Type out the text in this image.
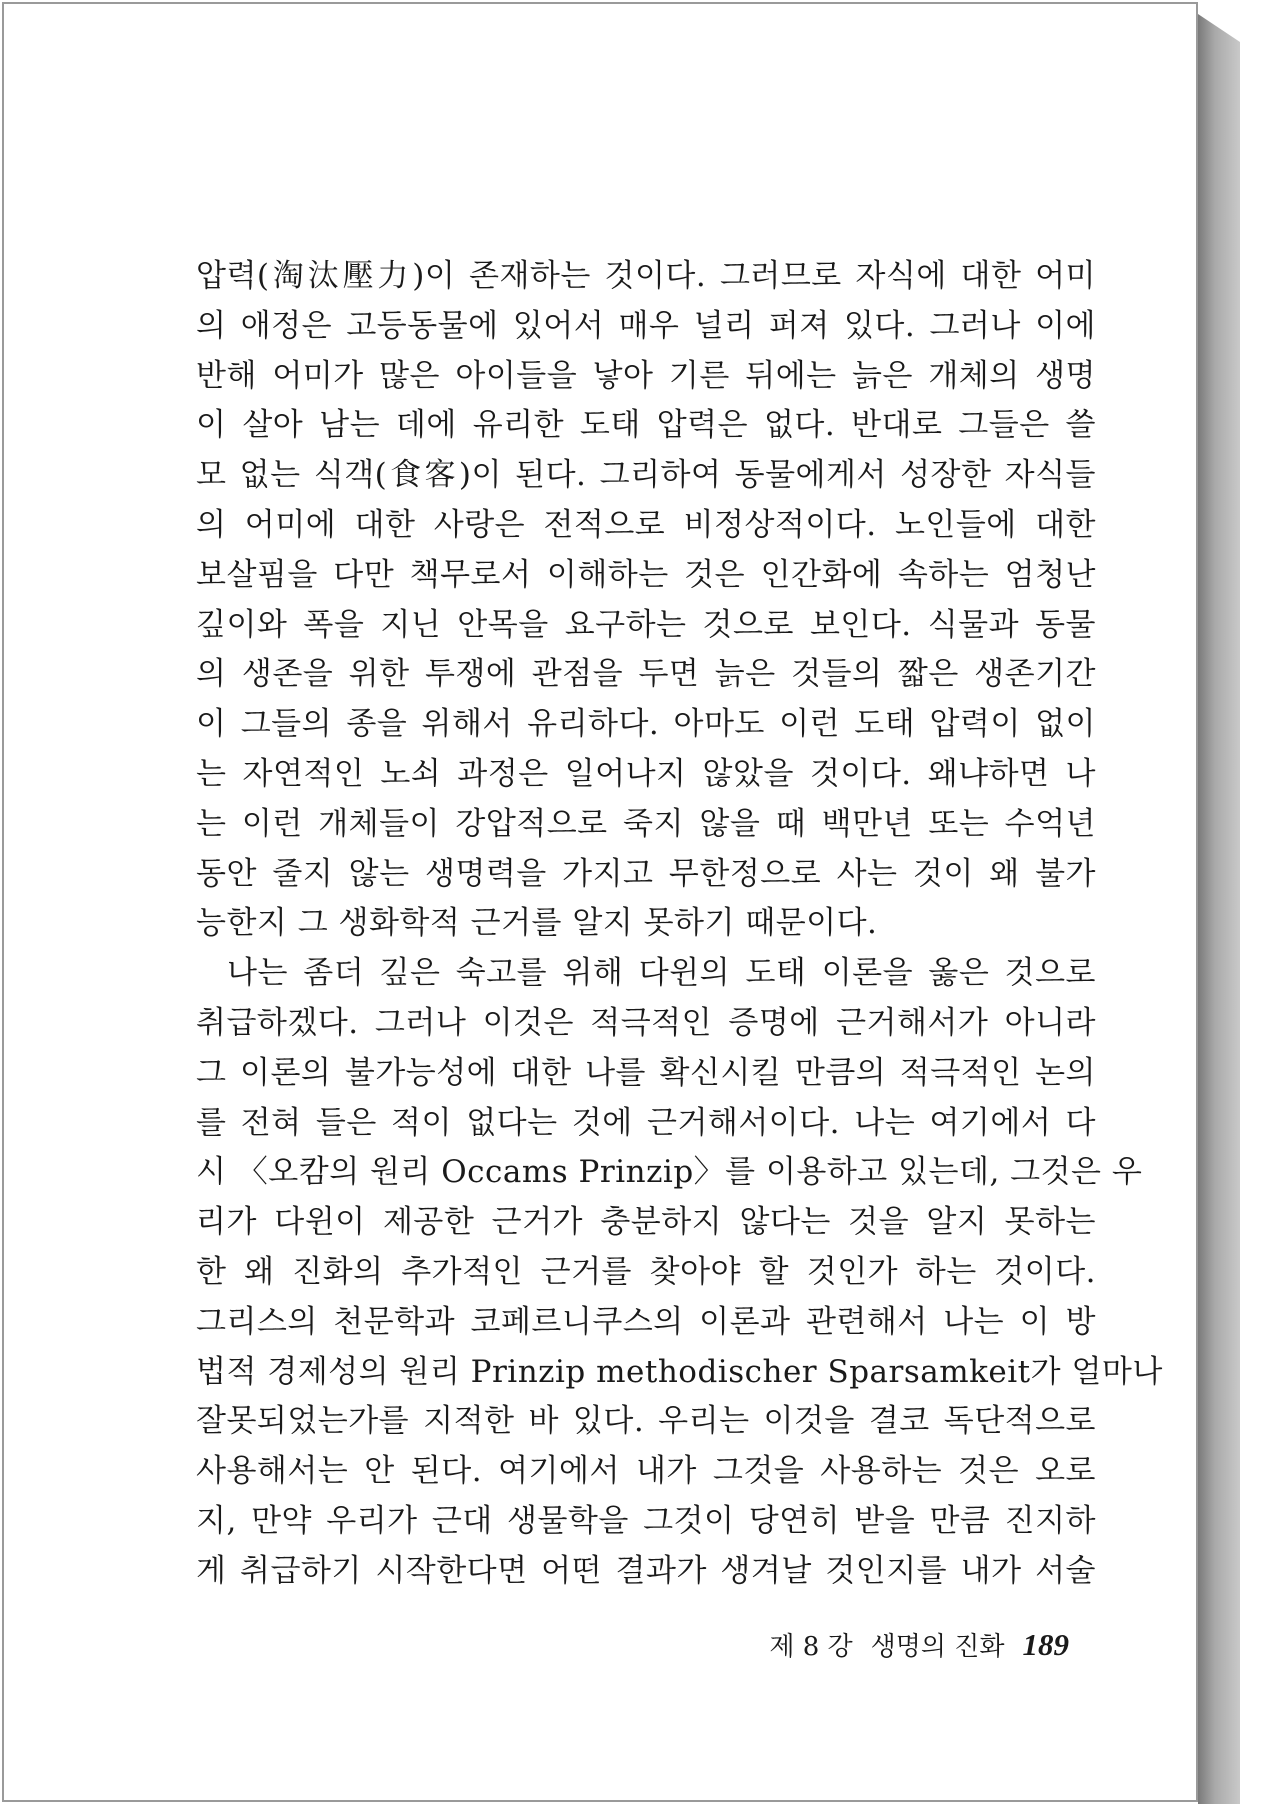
압력(淘汰壓力)이 존재하는 것이다. 그러므로 자식에 대한 어미
의 애정은 고등동물에 있어서 매우 널리 퍼져 있다. 그러나 이에
반해 어미가 많은 아이들을 낳아 기른 뒤에는 늙은 개체의 생명
이 살아 남는 데에 유리한 도태 압력은 없다. 반대로 그들은 쓸
모 없는 식객(食客)이 된다. 그리하여 동물에게서 성장한 자식들
의 어미에 대한 사랑은 전적으로 비정상적이다. 노인들에 대한
보살핌을 다만 책무로서 이해하는 것은 인간화에 속하는 엄청난
깊이와 폭을 지닌 안목을 요구하는 것으로 보인다. 식물과 동물
의 생존을 위한 투쟁에 관점을 두면 늙은 것들의 짧은 생존기간
이 그들의 종을 위해서 유리하다. 아마도 이런 도태 압력이 없이
는 자연적인 노쇠 과정은 일어나지 않았을 것이다. 왜냐하면 나
는 이런 개체들이 강압적으로 죽지 않을 때 백만년 또는 수억년
동안 줄지 않는 생명력을 가지고 무한정으로 사는 것이 왜 불가
능한지 그 생화학적 근거를 알지 못하기 때문이다.
나는 좀더 깊은 숙고를 위해 다윈의 도태 이론을 옳은 것으로
취급하겠다. 그러나 이것은 적극적인 증명에 근거해서가 아니라
그 이론의 불가능성에 대한 나를 확신시킬 만큼의 적극적인 논의
를 전혀 들은 적이 없다는 것에 근거해서이다. 나는 여기에서 다
시 〈오캄의 원리 Occams Prinzip〉를 이용하고 있는데, 그것은 우
리가 다윈이 제공한 근거가 충분하지 않다는 것을 알지 못하는
한 왜 진화의 추가적인 근거를 찾아야 할 것인가 하는 것이다.
그리스의 천문학과 코페르니쿠스의 이론과 관련해서 나는 이 방
법적 경제성의 원리 Prinzip methodischer Sparsamkeit가 얼마나
잘못되었는가를 지적한 바 있다. 우리는 이것을 결코 독단적으로
사용해서는 안 된다. 여기에서 내가 그것을 사용하는 것은 오로
지, 만약 우리가 근대 생물학을 그것이 당연히 받을 만큼 진지하
게 취급하기 시작한다면 어떤 결과가 생겨날 것인지를 내가 서술
제 8 강 생명의 진화 189
